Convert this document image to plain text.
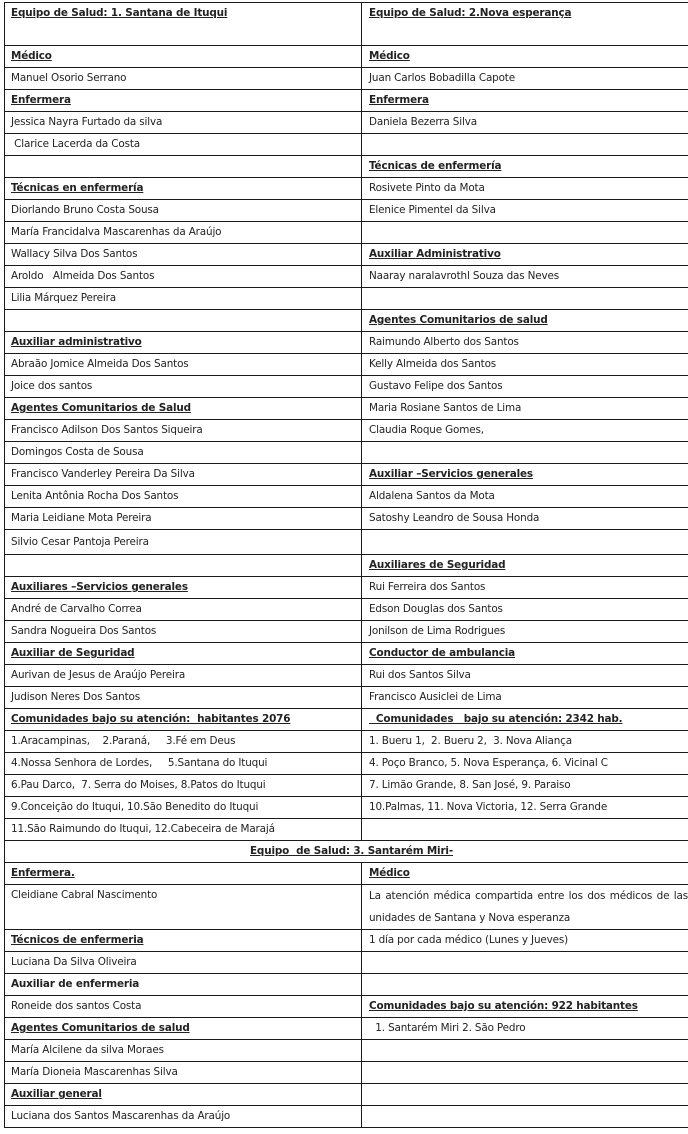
Equipo de Salud: 1. Santana de Ituqui	Equipo de Salud: 2.Nova esperança
Médico	Médico
Manuel Osorio Serrano	Juan Carlos Bobadilla Capote
Enfermera	Enfermera
Jessica Nayra Furtado da silva	Daniela Bezerra Silva
Clarice Lacerda da Costa	
	Técnicas de enfermería
Técnicas en enfermería	Rosivete Pinto da Mota
Diorlando Bruno Costa Sousa	Elenice Pimentel da Silva
María Francidalva Mascarenhas da Araújo	
Wallacy Silva Dos Santos	Auxiliar Administrativo
Aroldo   Almeida Dos Santos	Naaray naralavrothl Souza das Neves
Lilia Márquez Pereira	
	Agentes Comunitarios de salud
Auxiliar administrativo	Raimundo Alberto dos Santos
Abraão Jomice Almeida Dos Santos	Kelly Almeida dos Santos
Joice dos santos	Gustavo Felipe dos Santos
Agentes Comunitarios de Salud	Maria Rosiane Santos de Lima
Francisco Adilson Dos Santos Siqueira	Claudia Roque Gomes,
Domingos Costa de Sousa	
Francisco Vanderley Pereira Da Silva	Auxiliar –Servicios generales
Lenita Antônia Rocha Dos Santos	Aldalena Santos da Mota
Maria Leidiane Mota Pereira	Satoshy Leandro de Sousa Honda
Silvio Cesar Pantoja Pereira	
	Auxiliares de Seguridad
Auxiliares –Servicios generales	Rui Ferreira dos Santos
André de Carvalho Correa	Edson Douglas dos Santos
Sandra Nogueira Dos Santos	Jonilson de Lima Rodrigues
Auxiliar de Seguridad	Conductor de ambulancia
Aurivan de Jesus de Araújo Pereira	Rui dos Santos Silva
Judison Neres Dos Santos	Francisco Ausiclei de Lima
Comunidades bajo su atención:  habitantes 2076	Comunidades   bajo su atención: 2342 hab.
1.Aracampinas,    2.Paraná,     3.Fé em Deus	1. Bueru 1,  2. Bueru 2,  3. Nova Aliança
4.Nossa Senhora de Lordes,     5.Santana do Ituqui	4. Poço Branco, 5. Nova Esperança, 6. Vicinal C
6.Pau Darco,  7. Serra do Moises, 8.Patos do Ituqui	7. Limão Grande, 8. San José, 9. Paraiso
9.Conceição do Ituqui, 10.São Benedito do Ituqui	10.Palmas, 11. Nova Victoria, 12. Serra Grande
11.São Raimundo do Ituqui, 12.Cabeceira de Marajá	
Equipo  de Salud: 3. Santarém Miri-	
Enfermera.	Médico
Cleidiane Cabral Nascimento	La atención médica compartida entre los dos médicos de las unidades de Santana y Nova esperanza
Técnicos de enfermeria	1 día por cada médico (Lunes y Jueves)
Luciana Da Silva Oliveira	
Auxiliar de enfermeria	
Roneide dos santos Costa	Comunidades bajo su atención: 922 habitantes
Agentes Comunitarios de salud	1. Santarém Miri 2. São Pedro
María Alcilene da silva Moraes	
María Dioneia Mascarenhas Silva	
Auxiliar general	
Luciana dos Santos Mascarenhas da Araújo	
